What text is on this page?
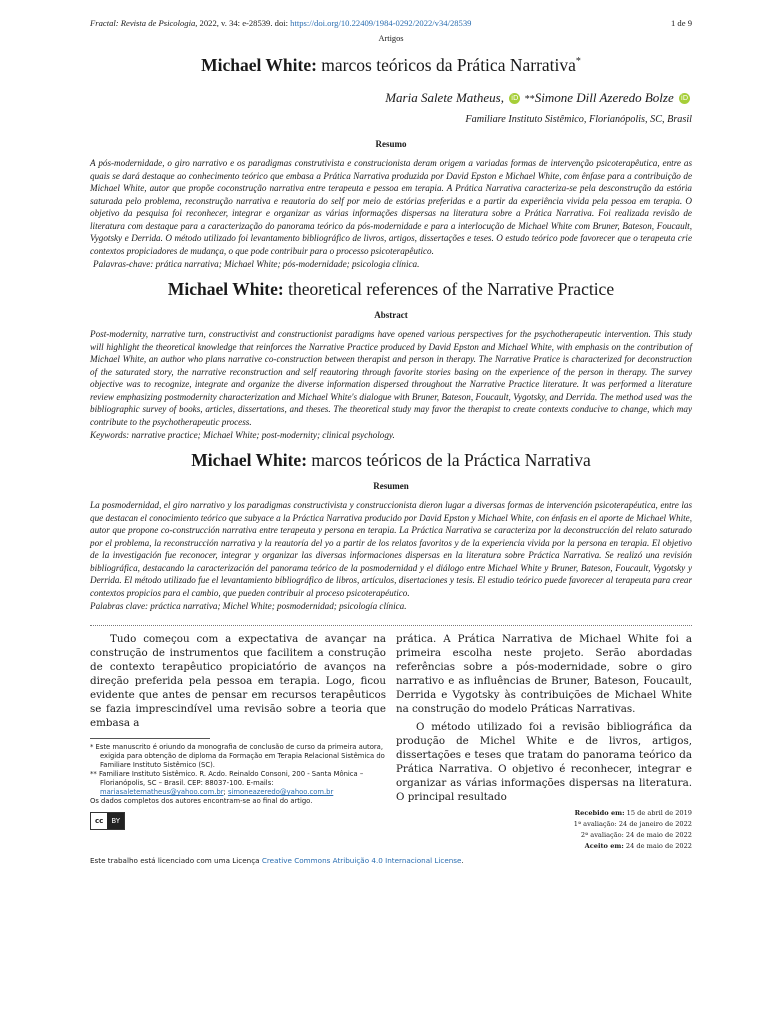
Fractal: Revista de Psicologia, 2022, v. 34: e-28539. doi: https://doi.org/10.22409/1984-0292/2022/v34/28539	1 de 9
Artigos
Michael White: marcos teóricos da Prática Narrativa*
Maria Salete Matheus, iD **Simone Dill Azeredo Bolze iD
Familiare Instituto Sistêmico, Florianópolis, SC, Brasil
Resumo
A pós-modernidade, o giro narrativo e os paradigmas construtivista e construcionista deram origem a variadas formas de intervenção psicoterapêutica, entre as quais se dará destaque ao conhecimento teórico que embasa a Prática Narrativa produzida por David Epston e Michael White, com ênfase para a contribuição de Michael White, autor que propõe coconstrução narrativa entre terapeuta e pessoa em terapia. A Prática Narrativa caracteriza-se pela desconstrução da estória saturada pelo problema, reconstrução narrativa e reautoria do self por meio de estórias preferidas e a partir da experiência vivida pela pessoa em terapia. O objetivo da pesquisa foi reconhecer, integrar e organizar as várias informações dispersas na literatura sobre a Prática Narrativa. Foi realizada revisão de literatura com destaque para a caracterização do panorama teórico da pós-modernidade e para a interlocução de Michael White com Bruner, Bateson, Foucault, Vygotsky e Derrida. O método utilizado foi levantamento bibliográfico de livros, artigos, dissertações e teses. O estudo teórico pode favorecer que o terapeuta crie contextos propiciadores de mudança, o que pode contribuir para o processo psicoterapêutico.
Palavras-chave: prática narrativa; Michael White; pós-modernidade; psicologia clínica.
Michael White: theoretical references of the Narrative Practice
Abstract
Post-modernity, narrative turn, constructivist and constructionist paradigms have opened various perspectives for the psychotherapeutic intervention. This study will highlight the theoretical knowledge that reinforces the Narrative Practice produced by David Epston and Michael White, with emphasis on the contribution of Michael White, an author who plans narrative co-construction between therapist and person in therapy. The Narrative Pratice is characterized for deconstruction of the saturated story, the narrative reconstruction and self reautoring through favorite stories basing on the experience of the person in therapy. The survey objective was to recognize, integrate and organize the diverse information dispersed throughout the Narrative Practice literature. It was performed a literature review emphasizing postmodernity characterization and Michael White's dialogue with Bruner, Bateson, Foucault, Vygotsky, and Derrida. The method used was the bibliographic survey of books, articles, dissertations, and theses. The theoretical study may favor the therapist to create contexts conducive to change, which may contribute to the psychotherapeutic process.
Keywords: narrative practice; Michael White; post-modernity; clinical psychology.
Michael White: marcos teóricos de la Práctica Narrativa
Resumen
La posmodernidad, el giro narrativo y los paradigmas constructivista y construccionista dieron lugar a diversas formas de intervención psicoterapéutica, entre las que destacan el conocimiento teórico que subyace a la Práctica Narrativa producido por David Epston y Michael White, con énfasis en el aporte de Michael White, autor que propone co-construcción narrativa entre terapeuta y persona en terapia. La Práctica Narrativa se caracteriza por la deconstrucción del relato saturado por el problema, la reconstrucción narrativa y la reautoría del yo a partir de los relatos favoritos y de la experiencia vivida por la persona en terapia. El objetivo de la investigación fue reconocer, integrar y organizar las diversas informaciones dispersas en la literatura sobre Práctica Narrativa. Se realizó una revisión bibliográfica, destacando la caracterización del panorama teórico de la posmodernidad y el diálogo entre Michael White y Bruner, Bateson, Foucault, Vygotsky y Derrida. El método utilizado fue el levantamiento bibliográfico de libros, artículos, disertaciones y tesis. El estudio teórico puede favorecer al terapeuta para crear contextos propicios para el cambio, que pueden contribuir al proceso psicoterapéutico.
Palabras clave: práctica narrativa; Michel White; posmodernidad; psicología clínica.

Tudo começou com a expectativa de avançar na construção de instrumentos que facilitem a construção de contexto terapêutico propiciatório de avanços na direção preferida pela pessoa em terapia. Logo, ficou evidente que antes de pensar em recursos terapêuticos se fazia imprescindível uma revisão sobre a teoria que embasa a

* Este manuscrito é oriundo da monografia de conclusão de curso da primeira autora, exigida para obtenção de diploma da Formação em Terapia Relacional Sistêmica do Familiare Instituto Sistêmico (SC).
** Familiare Instituto Sistêmico. R. Acdo. Reinaldo Consoni, 200 - Santa Mônica – Florianópolis, SC – Brasil. CEP: 88037-100. E-mails: mariasaletematheus@yahoo.com.br; simoneazeredo@yahoo.com.br
Os dados completos dos autores encontram-se ao final do artigo.
cc	BY

prática. A Prática Narrativa de Michael White foi a primeira escolha neste projeto. Serão abordadas referências sobre a pós-modernidade, sobre o giro narrativo e as influências de Bruner, Bateson, Foucault, Derrida e Vygotsky às contribuições de Michael White na construção do modelo Práticas Narrativas.

O método utilizado foi a revisão bibliográfica da produção de Michel White e de livros, artigos, dissertações e teses que tratam do panorama teórico da Prática Narrativa. O objetivo é reconhecer, integrar e organizar as várias informações dispersas na literatura. O principal resultado

Recebido em: 15 de abril de 2019
1ª avaliação: 24 de janeiro de 2022
2ª avaliação: 24 de maio de 2022
Aceito em: 24 de maio de 2022
Este trabalho está licenciado com uma Licença Creative Commons Atribuição 4.0 Internacional License.
